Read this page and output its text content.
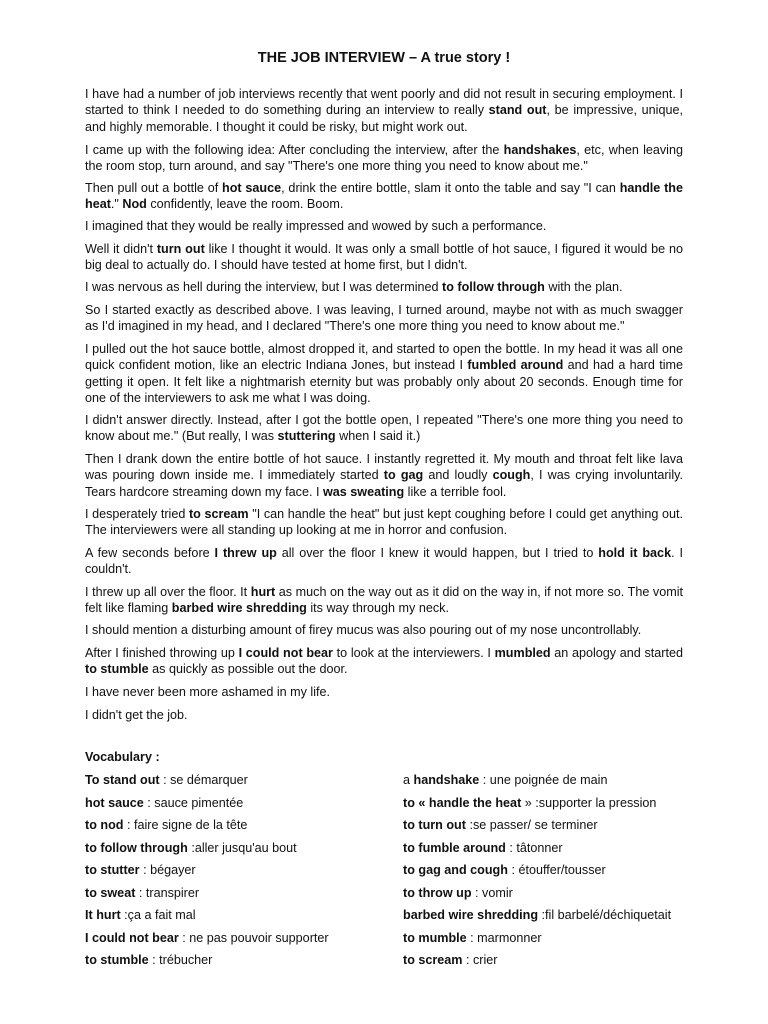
THE JOB INTERVIEW – A true story !

I have had a number of job interviews recently that went poorly and did not result in securing employment. I started to think I needed to do something during an interview to really stand out, be impressive, unique, and highly memorable. I thought it could be risky, but might work out.

I came up with the following idea: After concluding the interview, after the handshakes, etc, when leaving the room stop, turn around, and say "There's one more thing you need to know about me."

Then pull out a bottle of hot sauce, drink the entire bottle, slam it onto the table and say "I can handle the heat." Nod confidently, leave the room. Boom.

I imagined that they would be really impressed and wowed by such a performance.

Well it didn't turn out like I thought it would. It was only a small bottle of hot sauce, I figured it would be no big deal to actually do. I should have tested at home first, but I didn't.

I was nervous as hell during the interview, but I was determined to follow through with the plan.

So I started exactly as described above. I was leaving, I turned around, maybe not with as much swagger as I'd imagined in my head, and I declared "There's one more thing you need to know about me."

I pulled out the hot sauce bottle, almost dropped it, and started to open the bottle. In my head it was all one quick confident motion, like an electric Indiana Jones, but instead I fumbled around and had a hard time getting it open. It felt like a nightmarish eternity but was probably only about 20 seconds. Enough time for one of the interviewers to ask me what I was doing.

I didn't answer directly. Instead, after I got the bottle open, I repeated "There's one more thing you need to know about me." (But really, I was stuttering when I said it.)

Then I drank down the entire bottle of hot sauce. I instantly regretted it. My mouth and throat felt like lava was pouring down inside me. I immediately started to gag and loudly cough, I was crying involuntarily. Tears hardcore streaming down my face. I was sweating like a terrible fool.

I desperately tried to scream "I can handle the heat" but just kept coughing before I could get anything out. The interviewers were all standing up looking at me in horror and confusion.

A few seconds before I threw up all over the floor I knew it would happen, but I tried to hold it back. I couldn't.

I threw up all over the floor. It hurt as much on the way out as it did on the way in, if not more so. The vomit felt like flaming barbed wire shredding its way through my neck.

I should mention a disturbing amount of firey mucus was also pouring out of my nose uncontrollably.

After I finished throwing up I could not bear to look at the interviewers. I mumbled an apology and started to stumble as quickly as possible out the door.

I have never been more ashamed in my life.

I didn't get the job.

Vocabulary :
To stand out : se démarquer
hot sauce : sauce pimentée
to nod : faire signe de la tête
to follow through :aller jusqu'au bout
to stutter : bégayer
to sweat : transpirer
It hurt :ça a fait mal
I could not bear : ne pas pouvoir supporter
to stumble : trébucher
a handshake : une poignée de main
to « handle the heat » :supporter la pression
to turn out :se passer/ se terminer
to fumble around : tâtonner
to gag and cough : étouffer/tousser
to throw up : vomir
barbed wire shredding :fil barbelé/déchiquetait
to mumble : marmonner
to scream : crier
